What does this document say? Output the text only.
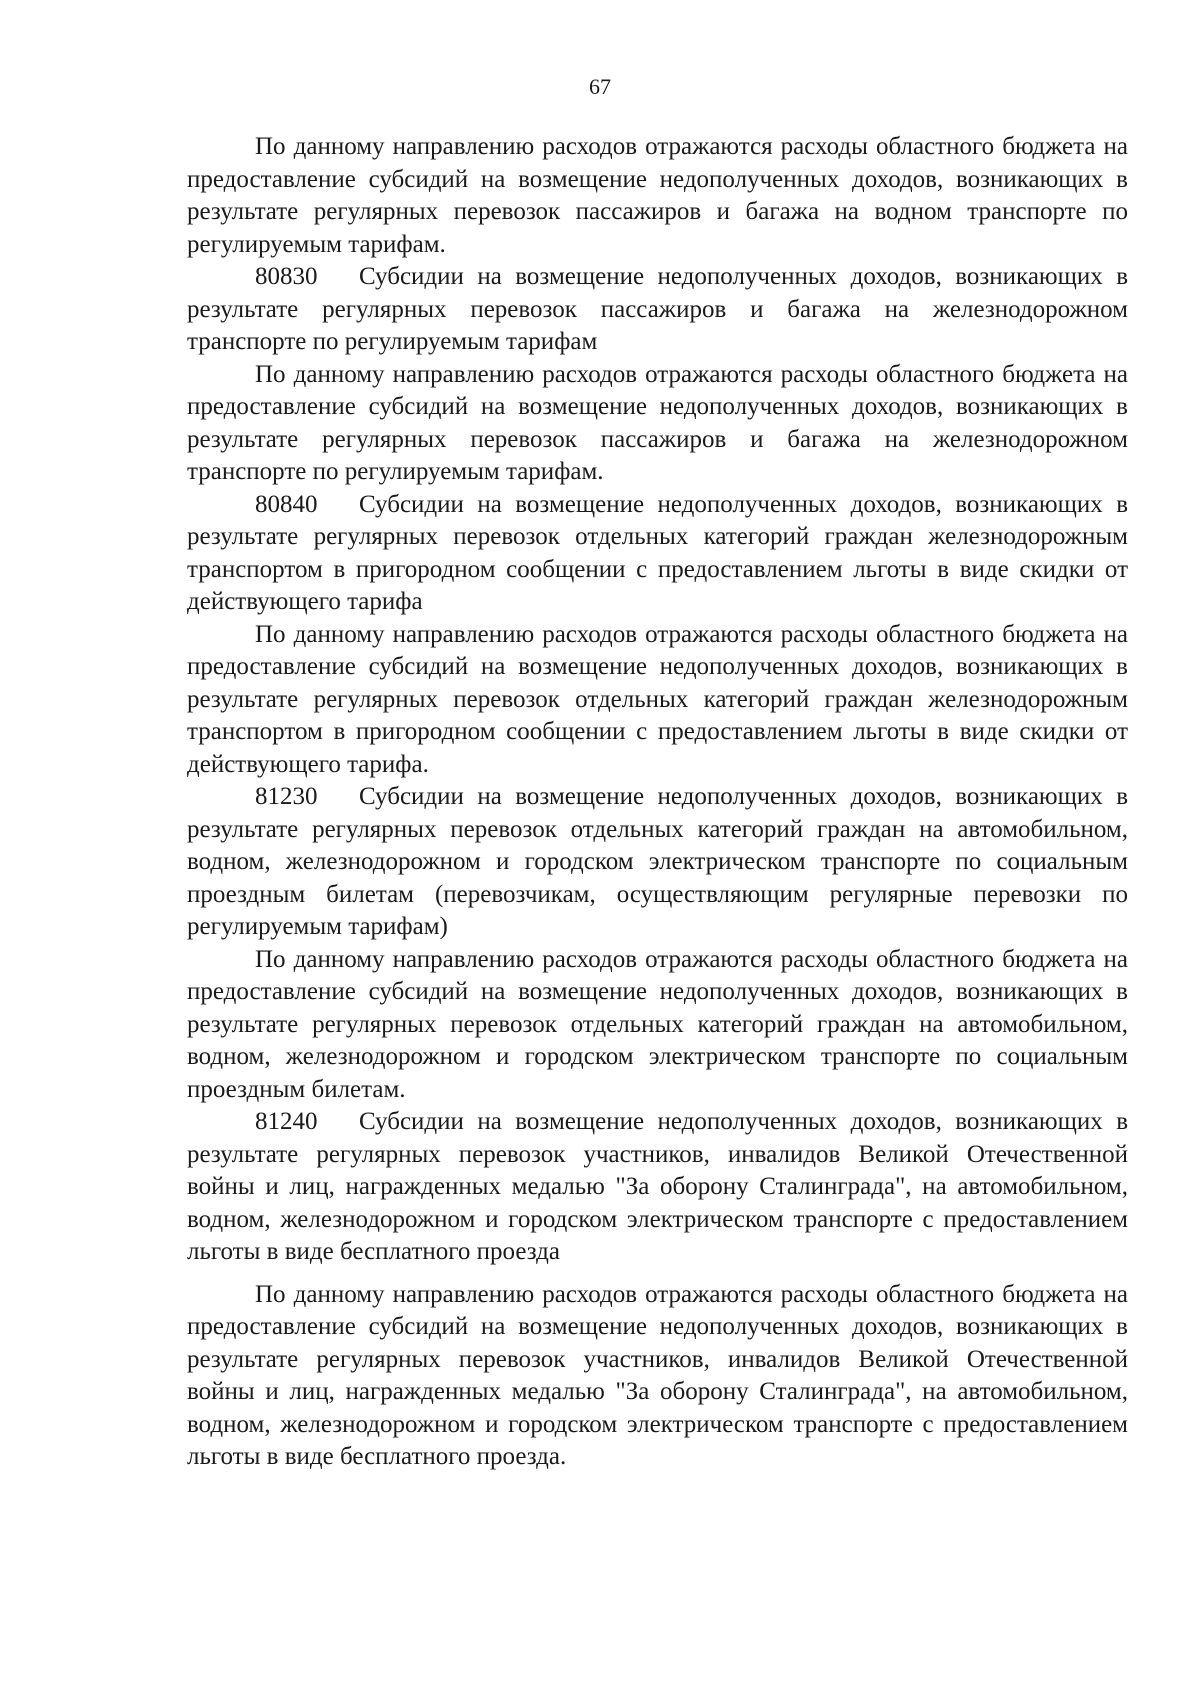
67

По данному направлению расходов отражаются расходы областного бюджета на предоставление субсидий на возмещение недополученных доходов, возникающих в результате регулярных перевозок пассажиров и багажа на водном транспорте по регулируемым тарифам.

80830 Субсидии на возмещение недополученных доходов, возникающих в результате регулярных перевозок пассажиров и багажа на железнодорожном транспорте по регулируемым тарифам

По данному направлению расходов отражаются расходы областного бюджета на предоставление субсидий на возмещение недополученных доходов, возникающих в результате регулярных перевозок пассажиров и багажа на железнодорожном транспорте по регулируемым тарифам.

80840 Субсидии на возмещение недополученных доходов, возникающих в результате регулярных перевозок отдельных категорий граждан железнодорожным транспортом в пригородном сообщении с предоставлением льготы в виде скидки от действующего тарифа

По данному направлению расходов отражаются расходы областного бюджета на предоставление субсидий на возмещение недополученных доходов, возникающих в результате регулярных перевозок отдельных категорий граждан железнодорожным транспортом в пригородном сообщении с предоставлением льготы в виде скидки от действующего тарифа.

81230 Субсидии на возмещение недополученных доходов, возникающих в результате регулярных перевозок отдельных категорий граждан на автомобильном, водном, железнодорожном и городском электрическом транспорте по социальным проездным билетам (перевозчикам, осуществляющим регулярные перевозки по регулируемым тарифам)

По данному направлению расходов отражаются расходы областного бюджета на предоставление субсидий на возмещение недополученных доходов, возникающих в результате регулярных перевозок отдельных категорий граждан на автомобильном, водном, железнодорожном и городском электрическом транспорте по социальным проездным билетам.

81240 Субсидии на возмещение недополученных доходов, возникающих в результате регулярных перевозок участников, инвалидов Великой Отечественной войны и лиц, награжденных медалью "За оборону Сталинграда", на автомобильном, водном, железнодорожном и городском электрическом транспорте с предоставлением льготы в виде бесплатного проезда

По данному направлению расходов отражаются расходы областного бюджета на предоставление субсидий на возмещение недополученных доходов, возникающих в результате регулярных перевозок участников, инвалидов Великой Отечественной войны и лиц, награжденных медалью "За оборону Сталинграда", на автомобильном, водном, железнодорожном и городском электрическом транспорте с предоставлением льготы в виде бесплатного проезда.
